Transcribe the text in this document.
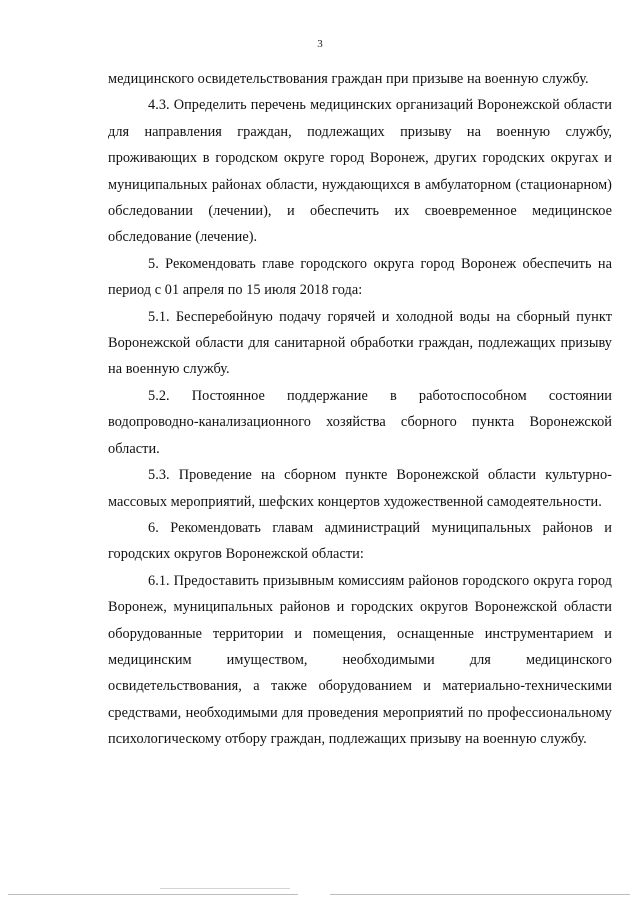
3

медицинского освидетельствования граждан при призыве на военную службу.

4.3. Определить перечень медицинских организаций Воронежской области для направления граждан, подлежащих призыву на военную службу, проживающих в городском округе город Воронеж, других городских округах и муниципальных районах области, нуждающихся в амбулаторном (стационарном) обследовании (лечении), и обеспечить их своевременное медицинское обследование (лечение).

5. Рекомендовать главе городского округа город Воронеж обеспечить на период с 01 апреля по 15 июля 2018 года:

5.1. Бесперебойную подачу горячей и холодной воды на сборный пункт Воронежской области для санитарной обработки граждан, подлежащих призыву на военную службу.

5.2. Постоянное поддержание в работоспособном состоянии водопроводно-канализационного хозяйства сборного пункта Воронежской области.

5.3. Проведение на сборном пункте Воронежской области культурно-массовых мероприятий, шефских концертов художественной самодеятельности.

6. Рекомендовать главам администраций муниципальных районов и городских округов Воронежской области:

6.1. Предоставить призывным комиссиям районов городского округа город Воронеж, муниципальных районов и городских округов Воронежской области оборудованные территории и помещения, оснащенные инструментарием и медицинским имуществом, необходимыми для медицинского освидетельствования, а также оборудованием и материально-техническими средствами, необходимыми для проведения мероприятий по профессиональному психологическому отбору граждан, подлежащих призыву на военную службу.
